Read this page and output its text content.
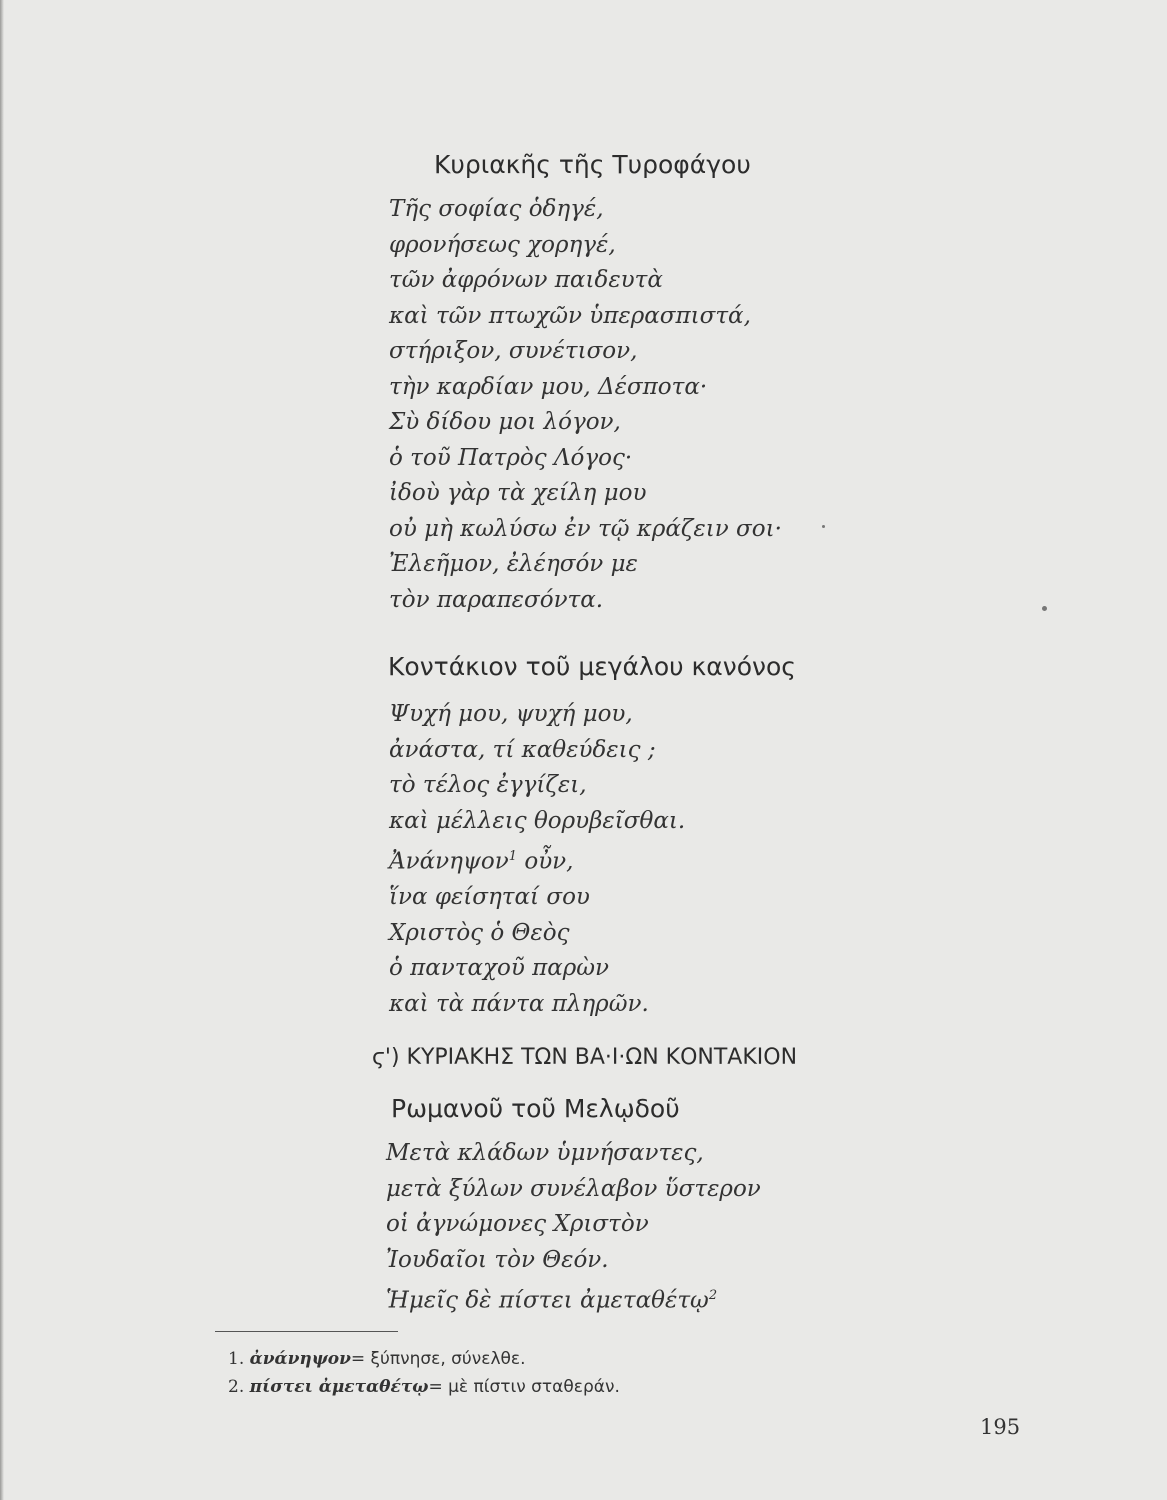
Κυριακῆς τῆς Τυροφάγου
Τῆς σοφίας ὁδηγέ,
φρονήσεως χορηγέ,
τῶν ἀφρόνων παιδευτὰ
καὶ τῶν πτωχῶν ὑπερασπιστά,
στήριξον, συνέτισον,
τὴν καρδίαν μου, Δέσποτα·
Σὺ δίδου μοι λόγον,
ὁ τοῦ Πατρὸς Λόγος·
ἰδοὺ γὰρ τὰ χείλη μου
οὐ μὴ κωλύσω ἐν τῷ κράζειν σοι·
Ἐλεῆμον, ἐλέησόν με
τὸν παραπεσόντα.
Κοντάκιον τοῦ μεγάλου κανόνος
Ψυχή μου, ψυχή μου,
ἀνάστα, τί καθεύδεις ;
τὸ τέλος ἐγγίζει,
καὶ μέλλεις θορυβεῖσθαι.
Ἀνάνηψον$^1$ οὖν,
ἵνα φείσηταί σου
Χριστὸς ὁ Θεὸς
ὁ πανταχοῦ παρὼν
καὶ τὰ πάντα πληρῶν.
ϛ') ΚΥΡΙΑΚΗΣ ΤΩΝ ΒΑ·Ι·ΩΝ ΚΟΝΤΑΚΙΟΝ
Ρωμανοῦ τοῦ Μελῳδοῦ
Μετὰ κλάδων ὑμνήσαντες,
μετὰ ξύλων συνέλαβον ὕστερον
οἱ ἀγνώμονες Χριστὸν
Ἰουδαῖοι τὸν Θεόν.
Ἡμεῖς δὲ πίστει ἀμεταθέτῳ$^2$
1. ἀνάνηψον= ξύπνησε, σύνελθε.
2. πίστει ἀμεταθέτῳ= μὲ πίστιν σταθεράν.
195
